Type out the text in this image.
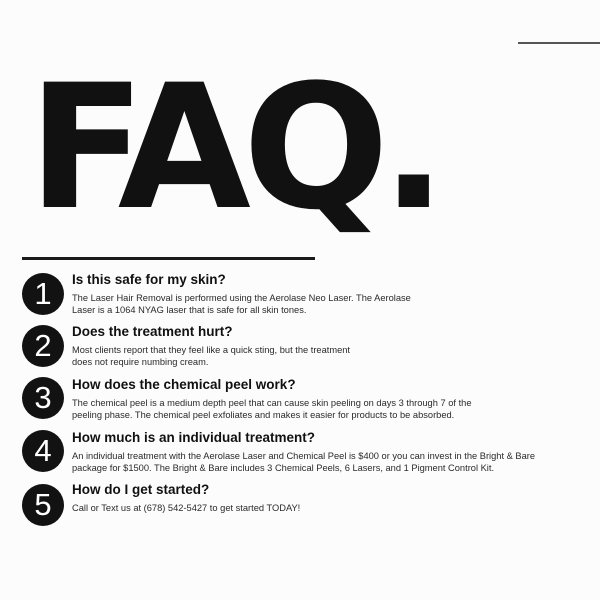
FAQ.
1	Is this safe for my skin?

The Laser Hair Removal is performed using the Aerolase Neo Laser. The Aerolase
Laser is a 1064 NYAG laser that is safe for all skin tones.

2	Does the treatment hurt?

Most clients report that they feel like a quick sting, but the treatment
does not require numbing cream.

3	How does the chemical peel work?

The chemical peel is a medium depth peel that can cause skin peeling on days 3 through 7 of the
peeling phase. The chemical peel exfoliates and makes it easier for products to be absorbed.

4	How much is an individual treatment?

An individual treatment with the Aerolase Laser and Chemical Peel is $400 or you can invest in the Bright & Bare
package for $1500. The Bright & Bare includes 3 Chemical Peels, 6 Lasers, and 1 Pigment Control Kit.

5	How do I get started?

Call or Text us at (678) 542-5427 to get started TODAY!
